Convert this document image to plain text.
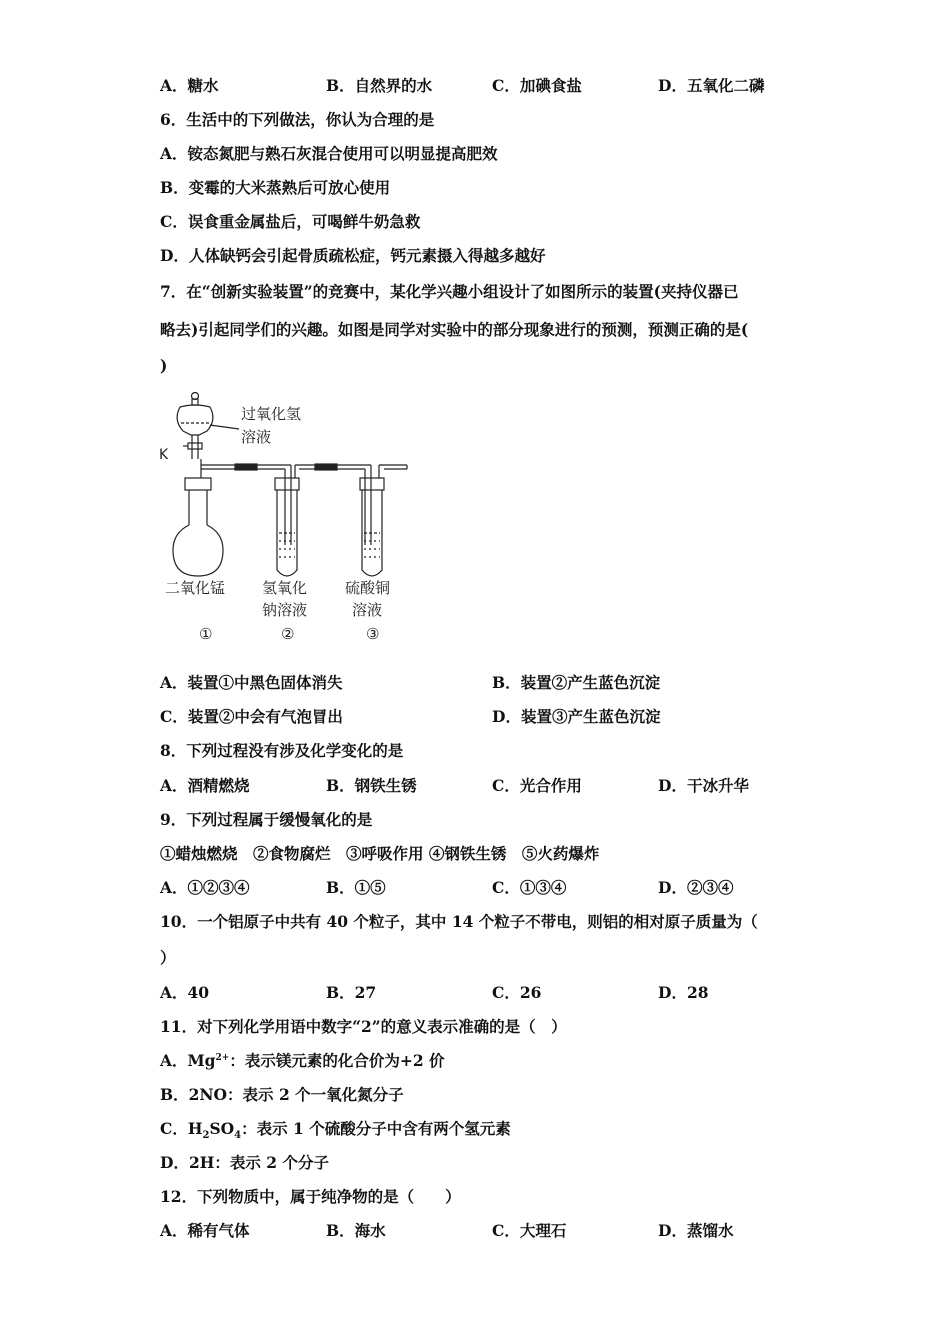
A．糖水	B．自然界的水	C．加碘食盐	D．五氧化二磷
6．生活中的下列做法，你认为合理的是
A．铵态氮肥与熟石灰混合使用可以明显提高肥效
B．变霉的大米蒸熟后可放心使用
C．误食重金属盐后，可喝鲜牛奶急救
D．人体缺钙会引起骨质疏松症，钙元素摄入得越多越好
7．在“创新实验装置”的竞赛中，某化学兴趣小组设计了如图所示的装置(夹持仪器已
略去)引起同学们的兴趣。如图是同学对实验中的部分现象进行的预测，预测正确的是(
)
过氧化氢
溶液
K
二氧化锰 氢氧化
钠溶液
硫酸铜
溶液
①	②	③
A．装置①中黑色固体消失	B．装置②产生蓝色沉淀
C．装置②中会有气泡冒出	D．装置③产生蓝色沉淀
8．下列过程没有涉及化学变化的是
A．酒精燃烧	B．钢铁生锈	C．光合作用	D．干冰升华
9．下列过程属于缓慢氧化的是
①蜡烛燃烧　②食物腐烂　③呼吸作用 ④钢铁生锈　⑤火药爆炸
A．①②③④	B．①⑤	C．①③④	D．②③④
10．一个铝原子中共有 40 个粒子，其中 14 个粒子不带电，则铝的相对原子质量为（
）
A．40	B．27	C．26	D．28
11．对下列化学用语中数字“2”的意义表示准确的是（　）
A．$Mg^{2+}$：表示镁元素的化合价为+2 价
B．2NO：表示 2 个一氧化氮分子
C．$H_2SO_4$：表示 1 个硫酸分子中含有两个氢元素
D．2H：表示 2 个分子
12．下列物质中，属于纯净物的是（　　）
A．稀有气体	B．海水	C．大理石	D．蒸馏水
